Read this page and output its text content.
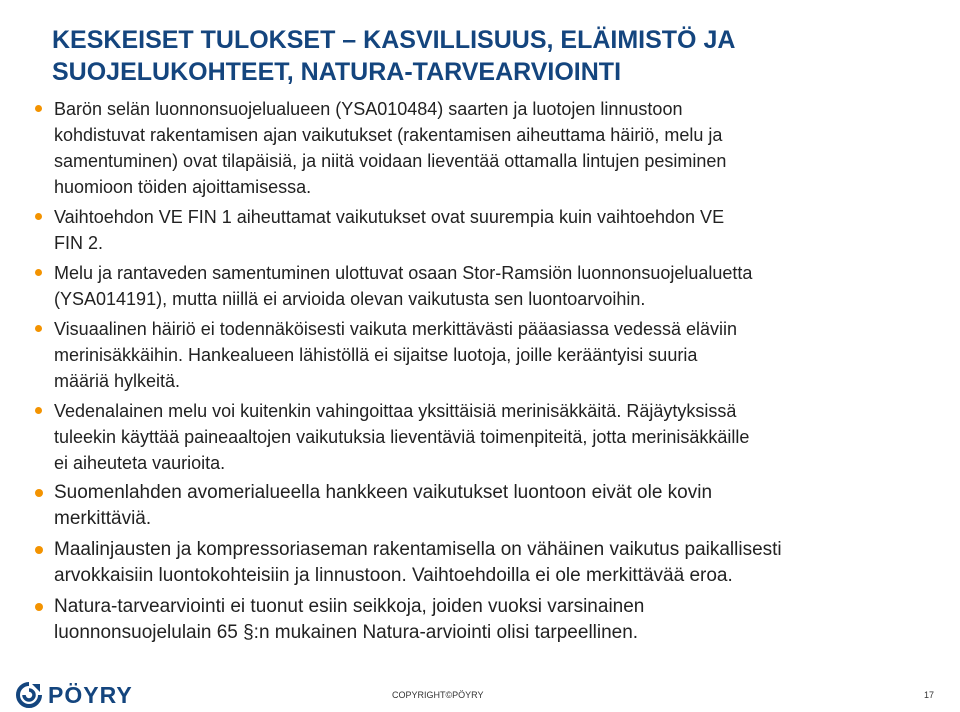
KESKEISET TULOKSET – KASVILLISUUS, ELÄIMISTÖ JA
SUOJELUKOHTEET, NATURA-TARVEARVIOINTI
Barön selän luonnonsuojelualueen (YSA010484) saarten ja luotojen linnustoon
kohdistuvat rakentamisen ajan vaikutukset (rakentamisen aiheuttama häiriö, melu ja
samentuminen) ovat tilapäisiä, ja niitä voidaan lieventää ottamalla lintujen pesiminen
huomioon töiden ajoittamisessa.
Vaihtoehdon VE FIN 1 aiheuttamat vaikutukset ovat suurempia kuin vaihtoehdon VE
FIN 2.
Melu ja rantaveden samentuminen ulottuvat osaan Stor-Ramsiön luonnonsuojelualuetta
(YSA014191), mutta niillä ei arvioida olevan vaikutusta sen luontoarvoihin.
Visuaalinen häiriö ei todennäköisesti vaikuta merkittävästi pääasiassa vedessä eläviin
merinisäkkäihin. Hankealueen lähistöllä ei sijaitse luotoja, joille kerääntyisi suuria
määriä hylkeitä.
Vedenalainen melu voi kuitenkin vahingoittaa yksittäisiä merinisäkkäitä. Räjäytyksissä
tuleekin käyttää paineaaltojen vaikutuksia lieventäviä toimenpiteitä, jotta merinisäkkäille
ei aiheuteta vaurioita.
Suomenlahden avomerialueella hankkeen vaikutukset luontoon eivät ole kovin
merkittäviä.
Maalinjausten ja kompressoriaseman rakentamisella on vähäinen vaikutus paikallisesti
arvokkaisiin luontokohteisiin ja linnustoon. Vaihtoehdoilla ei ole merkittävää eroa.
Natura-tarvearviointi ei tuonut esiin seikkoja, joiden vuoksi varsinainen
luonnonsuojelulain 65 §:n mukainen Natura-arviointi olisi tarpeellinen.
PÖYRY	COPYRIGHT©PÖYRY	17
